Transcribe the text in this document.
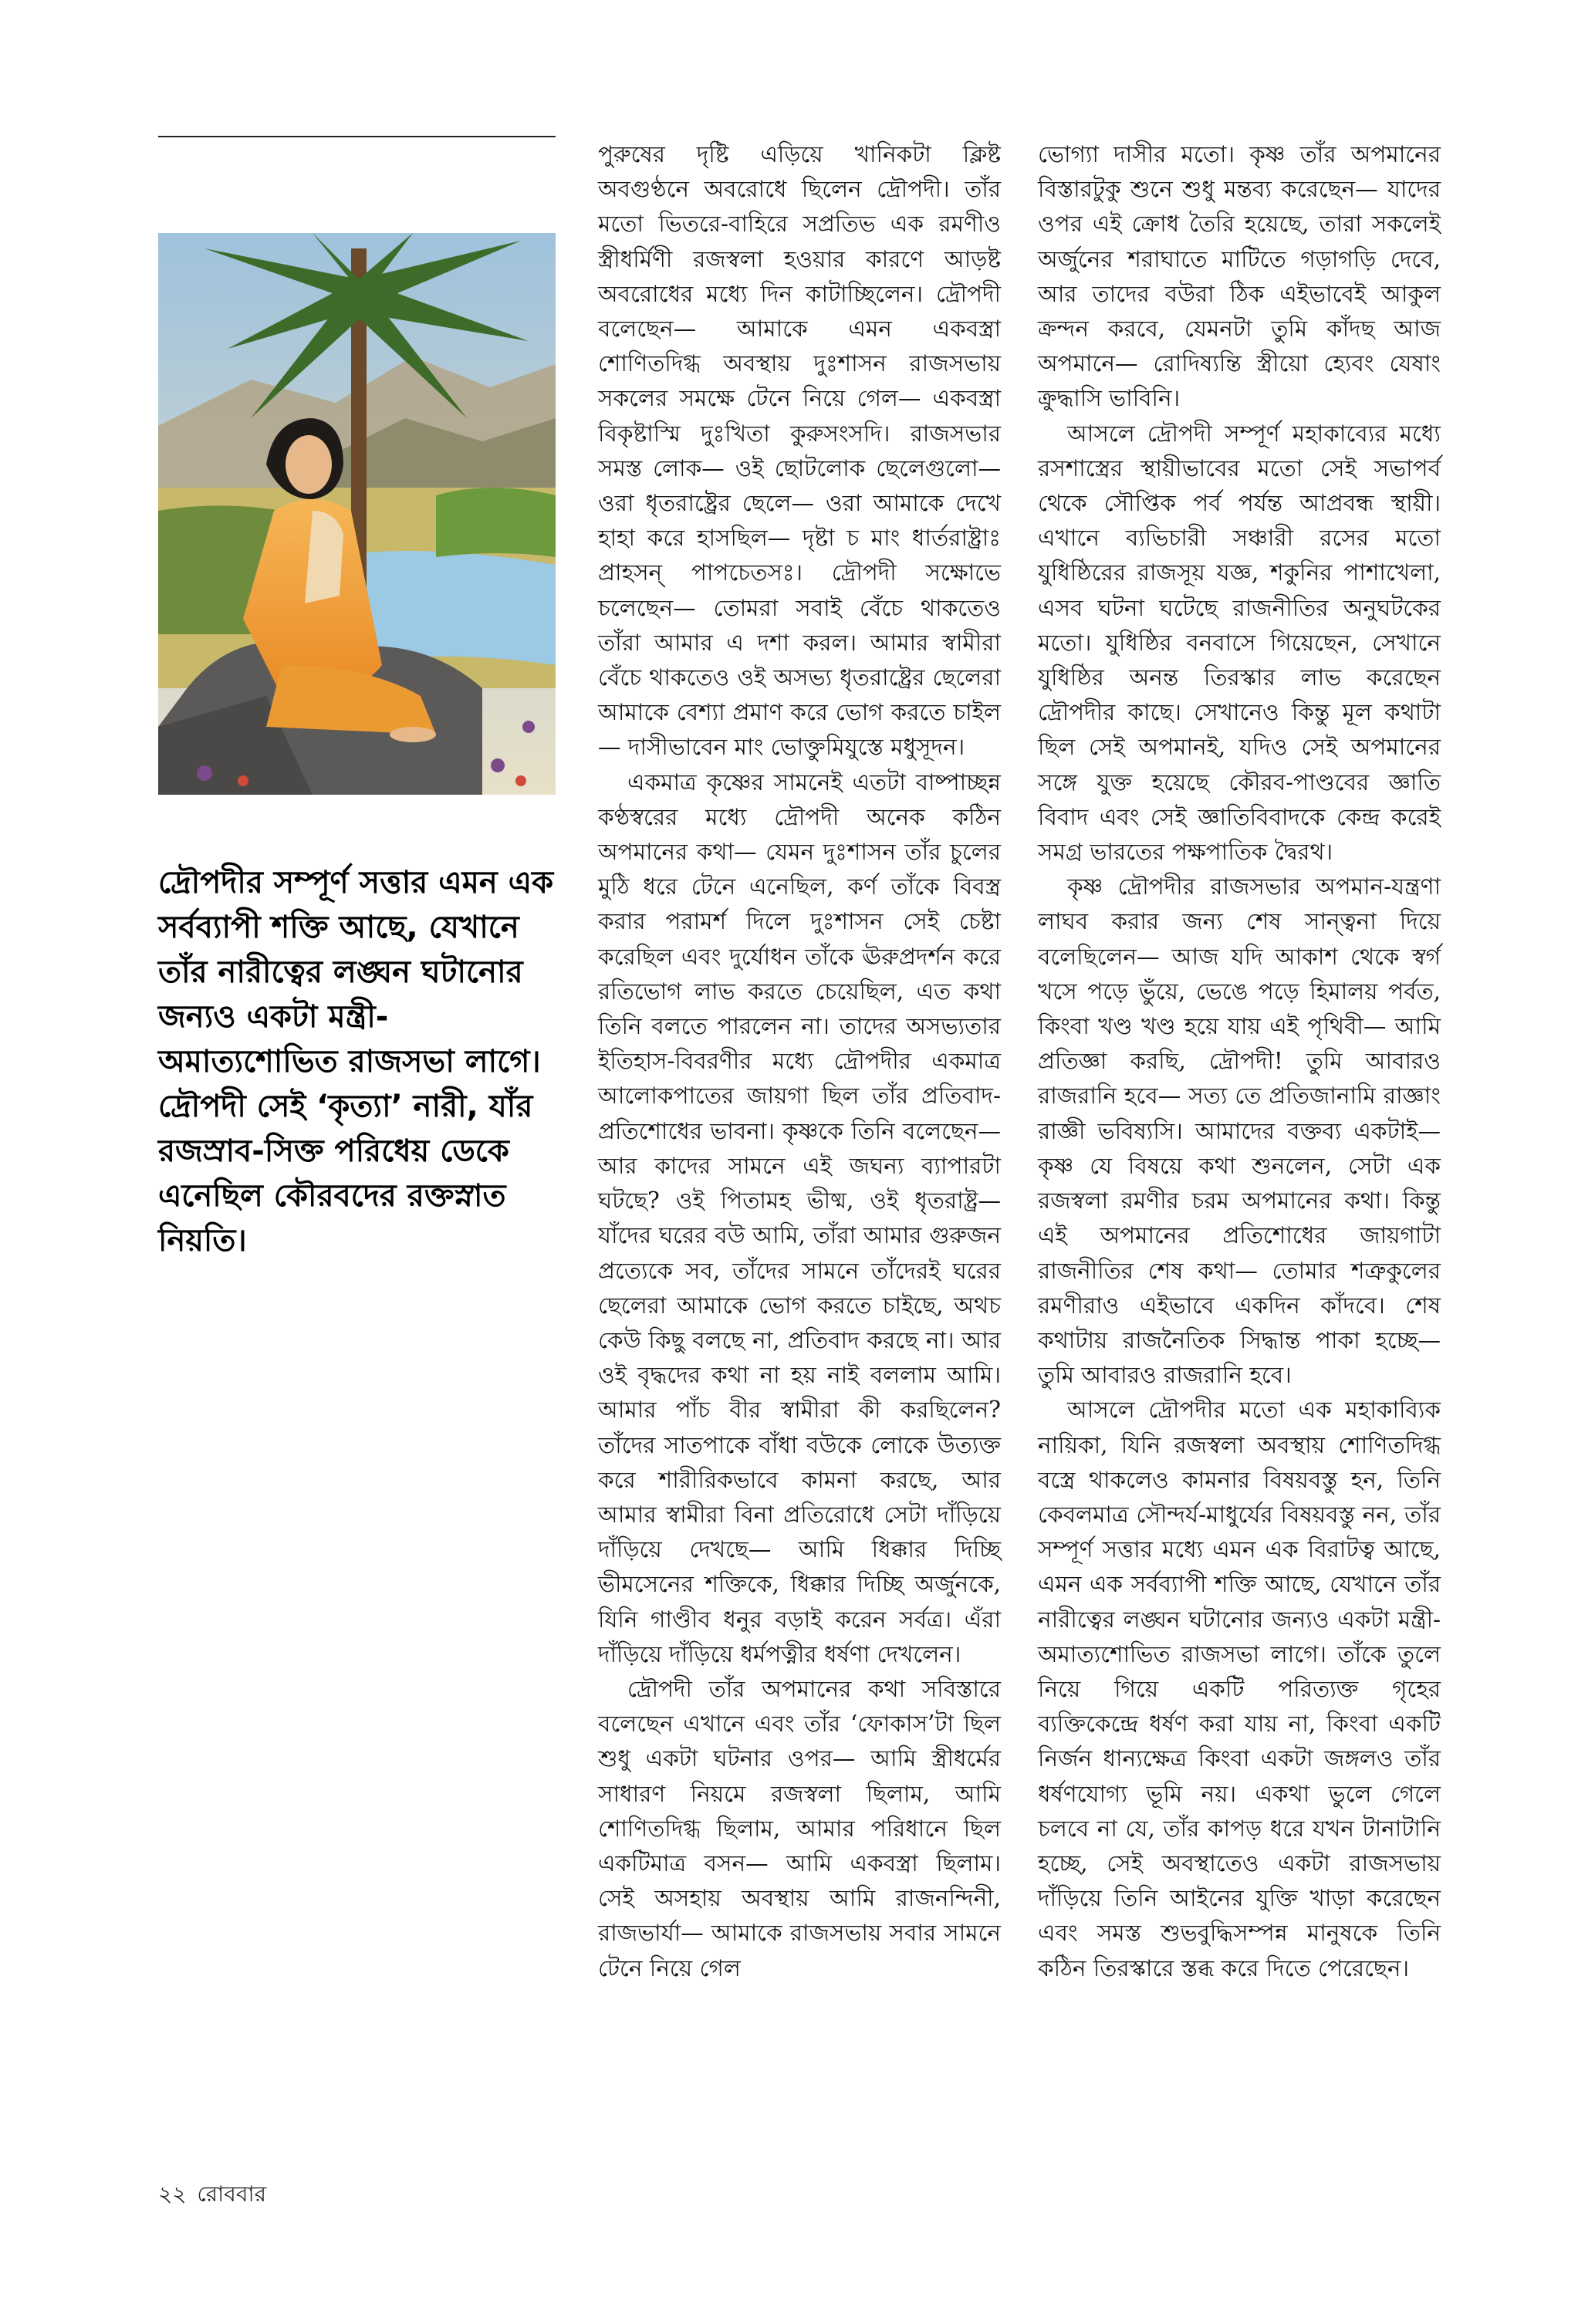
দ্রৌপদীর সম্পূর্ণ সত্তার এমন এক সর্বব্যাপী শক্তি আছে, যেখানে তাঁর নারীত্বের লঙ্ঘন ঘটানোর জন্যও একটা মন্ত্রী-অমাত্যশোভিত রাজসভা লাগে। দ্রৌপদী সেই ‘কৃত্যা’ নারী, যাঁর রজস্রাব-সিক্ত পরিধেয় ডেকে এনেছিল কৌরবদের রক্তস্নাত নিয়তি।

পুরুষের দৃষ্টি এড়িয়ে খানিকটা ক্লিষ্ট অবগুণ্ঠনে অবরোধে ছিলেন দ্রৌপদী। তাঁর মতো ভিতরে-বাহিরে সপ্রতিভ এক রমণীও স্ত্রীধর্মিণী রজস্বলা হওয়ার কারণে আড়ষ্ট অবরোধের মধ্যে দিন কাটাচ্ছিলেন। দ্রৌপদী বলেছেন— আমাকে এমন একবস্ত্রা শোণিতদিগ্ধ অবস্থায় দুঃশাসন রাজসভায় সকলের সমক্ষে টেনে নিয়ে গেল— একবস্ত্রা বিকৃষ্টাস্মি দুঃখিতা কুরুসংসদি। রাজসভার সমস্ত লোক— ওই ছোটলোক ছেলেগুলো— ওরা ধৃতরাষ্ট্রের ছেলে— ওরা আমাকে দেখে হাহা করে হাসছিল— দৃষ্টা চ মাং ধার্তরাষ্ট্রাঃ প্রাহসন্ পাপচেতসঃ। দ্রৌপদী সক্ষোভে চলেছেন— তোমরা সবাই বেঁচে থাকতেও তাঁরা আমার এ দশা করল। আমার স্বামীরা বেঁচে থাকতেও ওই অসভ্য ধৃতরাষ্ট্রের ছেলেরা আমাকে বেশ্যা প্রমাণ করে ভোগ করতে চাইল— দাসীভাবেন মাং ভোক্তুমিযুস্তে মধুসূদন।

একমাত্র কৃষ্ণের সামনেই এতটা বাষ্পাচ্ছন্ন কণ্ঠস্বরের মধ্যে দ্রৌপদী অনেক কঠিন অপমানের কথা— যেমন দুঃশাসন তাঁর চুলের মুঠি ধরে টেনে এনেছিল, কর্ণ তাঁকে বিবস্ত্র করার পরামর্শ দিলে দুঃশাসন সেই চেষ্টা করেছিল এবং দুর্যোধন তাঁকে ঊরুপ্রদর্শন করে রতিভোগ লাভ করতে চেয়েছিল, এত কথা তিনি বলতে পারলেন না। তাদের অসভ্যতার ইতিহাস-বিবরণীর মধ্যে দ্রৌপদীর একমাত্র আলোকপাতের জায়গা ছিল তাঁর প্রতিবাদ-প্রতিশোধের ভাবনা। কৃষ্ণকে তিনি বলেছেন— আর কাদের সামনে এই জঘন্য ব্যাপারটা ঘটছে? ওই পিতামহ ভীষ্ম, ওই ধৃতরাষ্ট্র— যাঁদের ঘরের বউ আমি, তাঁরা আমার গুরুজন প্রত্যেকে সব, তাঁদের সামনে তাঁদেরই ঘরের ছেলেরা আমাকে ভোগ করতে চাইছে, অথচ কেউ কিছু বলছে না, প্রতিবাদ করছে না। আর ওই বৃদ্ধদের কথা না হয় নাই বললাম আমি। আমার পাঁচ বীর স্বামীরা কী করছিলেন? তাঁদের সাতপাকে বাঁধা বউকে লোকে উত্যক্ত করে শারীরিকভাবে কামনা করছে, আর আমার স্বামীরা বিনা প্রতিরোধে সেটা দাঁড়িয়ে দাঁড়িয়ে দেখছে— আমি ধিক্কার দিচ্ছি ভীমসেনের শক্তিকে, ধিক্কার দিচ্ছি অর্জুনকে, যিনি গাণ্ডীব ধনুর বড়াই করেন সর্বত্র। এঁরা দাঁড়িয়ে দাঁড়িয়ে ধর্মপত্নীর ধর্ষণা দেখলেন।

দ্রৌপদী তাঁর অপমানের কথা সবিস্তারে বলেছেন এখানে এবং তাঁর ‘ফোকাস’টা ছিল শুধু একটা ঘটনার ওপর— আমি স্ত্রীধর্মের সাধারণ নিয়মে রজস্বলা ছিলাম, আমি শোণিতদিগ্ধ ছিলাম, আমার পরিধানে ছিল একটিমাত্র বসন— আমি একবস্ত্রা ছিলাম। সেই অসহায় অবস্থায় আমি রাজনন্দিনী, রাজভার্যা— আমাকে রাজসভায় সবার সামনে টেনে নিয়ে গেল

ভোগ্যা দাসীর মতো। কৃষ্ণ তাঁর অপমানের বিস্তারটুকু শুনে শুধু মন্তব্য করেছেন— যাদের ওপর এই ক্রোধ তৈরি হয়েছে, তারা সকলেই অর্জুনের শরাঘাতে মাটিতে গড়াগড়ি দেবে, আর তাদের বউরা ঠিক এইভাবেই আকুল ক্রন্দন করবে, যেমনটা তুমি কাঁদছ আজ অপমানে— রোদিষ্যন্তি স্ত্রীয়ো হ্যেবং যেষাং ক্রুদ্ধাসি ভাবিনি।

আসলে দ্রৌপদী সম্পূর্ণ মহাকাব্যের মধ্যে রসশাস্ত্রের স্থায়ীভাবের মতো সেই সভাপর্ব থেকে সৌপ্তিক পর্ব পর্যন্ত আপ্রবন্ধ স্থায়ী। এখানে ব্যভিচারী সঞ্চারী রসের মতো যুধিষ্ঠিরের রাজসূয় যজ্ঞ, শকুনির পাশাখেলা, এসব ঘটনা ঘটেছে রাজনীতির অনুঘটকের মতো। যুধিষ্ঠির বনবাসে গিয়েছেন, সেখানে যুধিষ্ঠির অনন্ত তিরস্কার লাভ করেছেন দ্রৌপদীর কাছে। সেখানেও কিন্তু মূল কথাটা ছিল সেই অপমানই, যদিও সেই অপমানের সঙ্গে যুক্ত হয়েছে কৌরব-পাণ্ডবের জ্ঞাতি বিবাদ এবং সেই জ্ঞাতিবিবাদকে কেন্দ্র করেই সমগ্র ভারতের পক্ষপাতিক দ্বৈরথ।

কৃষ্ণ দ্রৌপদীর রাজসভার অপমান-যন্ত্রণা লাঘব করার জন্য শেষ সান্ত্বনা দিয়ে বলেছিলেন— আজ যদি আকাশ থেকে স্বর্গ খসে পড়ে ভুঁয়ে, ভেঙে পড়ে হিমালয় পর্বত, কিংবা খণ্ড খণ্ড হয়ে যায় এই পৃথিবী— আমি প্রতিজ্ঞা করছি, দ্রৌপদী! তুমি আবারও রাজরানি হবে— সত্য তে প্রতিজানামি রাজ্ঞাং রাজ্ঞী ভবিষ্যসি। আমাদের বক্তব্য একটাই— কৃষ্ণ যে বিষয়ে কথা শুনলেন, সেটা এক রজস্বলা রমণীর চরম অপমানের কথা। কিন্তু এই অপমানের প্রতিশোধের জায়গাটা রাজনীতির শেষ কথা— তোমার শত্রুকুলের রমণীরাও এইভাবে একদিন কাঁদবে। শেষ কথাটায় রাজনৈতিক সিদ্ধান্ত পাকা হচ্ছে— তুমি আবারও রাজরানি হবে।

আসলে দ্রৌপদীর মতো এক মহাকাব্যিক নায়িকা, যিনি রজস্বলা অবস্থায় শোণিতদিগ্ধ বস্ত্রে থাকলেও কামনার বিষয়বস্তু হন, তিনি কেবলমাত্র সৌন্দর্য-মাধুর্যের বিষয়বস্তু নন, তাঁর সম্পূর্ণ সত্তার মধ্যে এমন এক বিরাটত্ব আছে, এমন এক সর্বব্যাপী শক্তি আছে, যেখানে তাঁর নারীত্বের লঙ্ঘন ঘটানোর জন্যও একটা মন্ত্রী-অমাত্যশোভিত রাজসভা লাগে। তাঁকে তুলে নিয়ে গিয়ে একটি পরিত্যক্ত গৃহের ব্যক্তিকেন্দ্রে ধর্ষণ করা যায় না, কিংবা একটি নির্জন ধান্যক্ষেত্র কিংবা একটা জঙ্গলও তাঁর ধর্ষণযোগ্য ভূমি নয়। একথা ভুলে গেলে চলবে না যে, তাঁর কাপড় ধরে যখন টানাটানি হচ্ছে, সেই অবস্থাতেও একটা রাজসভায় দাঁড়িয়ে তিনি আইনের যুক্তি খাড়া করেছেন এবং সমস্ত শুভবুদ্ধিসম্পন্ন মানুষকে তিনি কঠিন তিরস্কারে স্তব্ধ করে দিতে পেরেছেন।

২২ রোববার
